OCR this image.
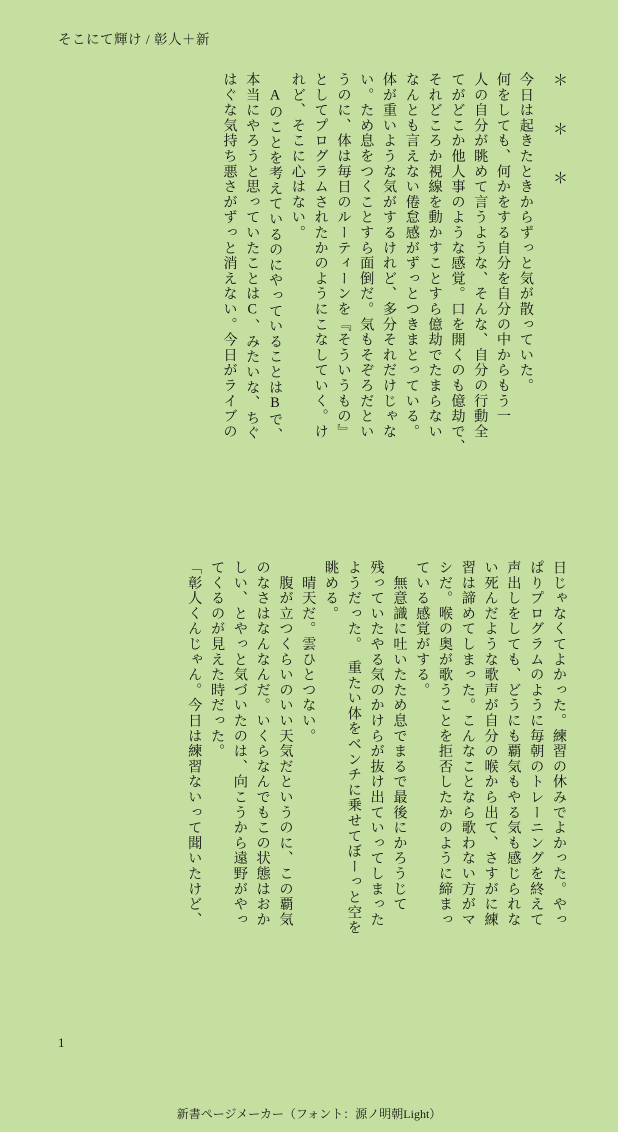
そこにて輝け / 彰人＋新
＊ ＊ ＊
今日は起きたときからずっと気が散っていた。
何をしても、何かをする自分を自分の中からもう一
人の自分が眺めて言うような、そんな、自分の行動全
てがどこか他人事のような感覚。口を開くのも億劫で、
それどころか視線を動かすことすら億劫でたまらない
なんとも言えない倦怠感がずっとつきまとっている。
体が重いような気がするけれど、多分それだけじゃな
い。ため息をつくことすら面倒だ。気もそぞろだとい
うのに、体は毎日のルーティーンを『そういうもの』
としてプログラムされたかのようにこなしていく。け
れど、そこに心はない。
　Aのことを考えているのにやっていることはBで、
本当にやろうと思っていたことはC、みたいな、ちぐ
はぐな気持ち悪さがずっと消えない。今日がライブの
日じゃなくてよかった。練習の休みでよかった。やっ
ぱりプログラムのように毎朝のトレーニングを終えて
声出しをしても、どうにも覇気もやる気も感じられな
い死んだような歌声が自分の喉から出て、さすがに練
習は諦めてしまった。こんなことなら歌わない方がマ
シだ。喉の奥が歌うことを拒否したかのように締まっ
ている感覚がする。
　無意識に吐いたため息でまるで最後にかろうじて
残っていたやる気のかけらが抜け出ていってしまった
ようだった。　重たい体をベンチに乗せてぼーっと空を
眺める。
　晴天だ。雲ひとつない。
　腹が立つくらいのいい天気だというのに、この覇気
のなさはなんなんだ。いくらなんでもこの状態はおか
しい、とやっと気づいたのは、向こうから遠野がやっ
てくるのが見えた時だった。
「彰人くんじゃん。今日は練習ないって聞いたけど、
1
新書ページメーカー（フォント：源ノ明朝Light）
